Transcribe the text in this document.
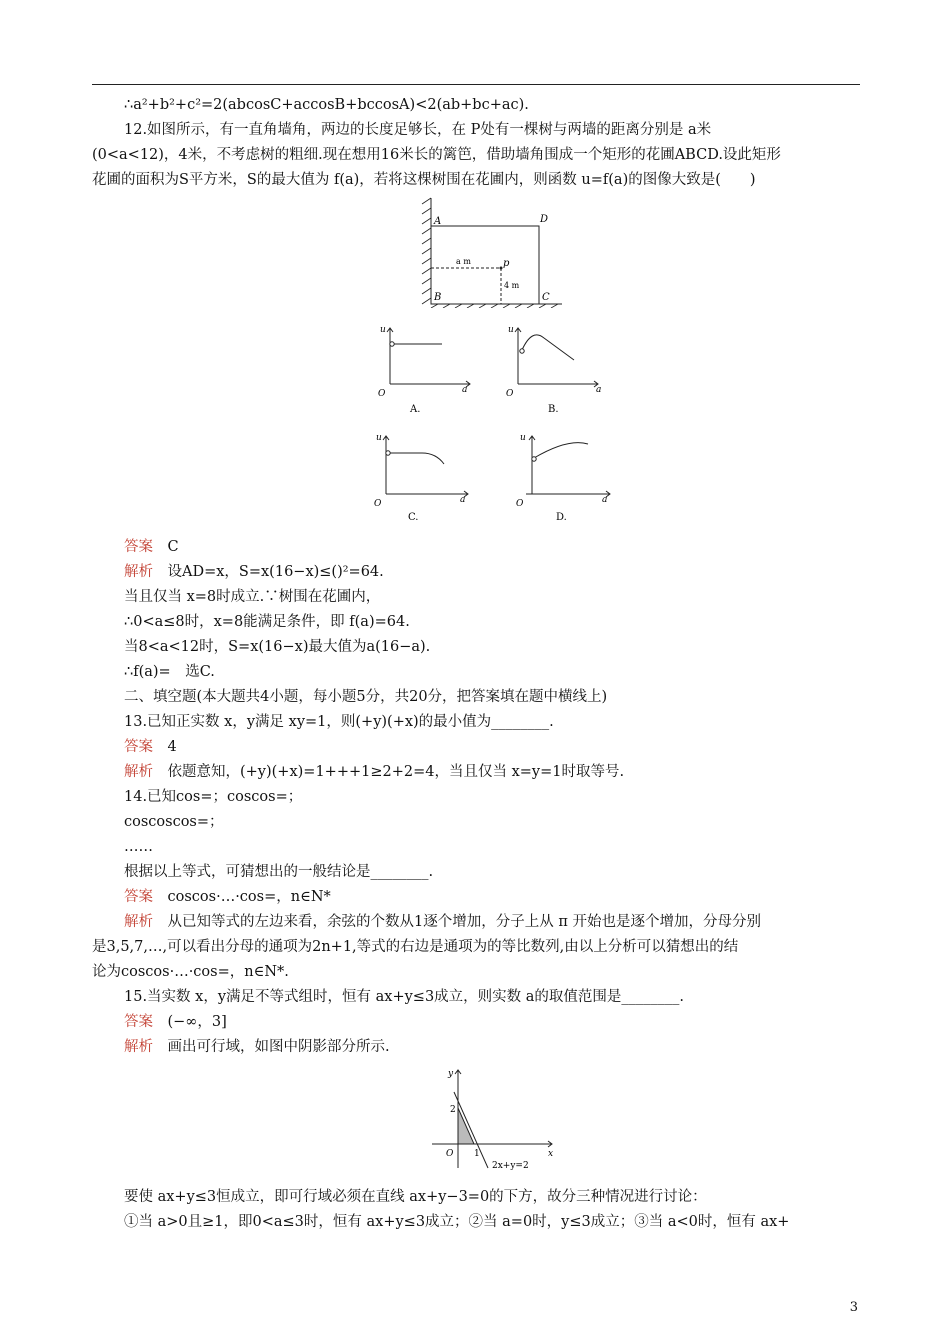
∴a²+b²+c²=2(abcosC+accosB+bccosA)<2(ab+bc+ac).
12.如图所示，有一直角墙角，两边的长度足够长，在 P处有一棵树与两墙的距离分别是 a米
(0<a<12)，4米，不考虑树的粗细.现在想用16米长的篱笆，借助墙角围成一个矩形的花圃ABCD.设此矩形
花圃的面积为S平方米，S的最大值为 f(a)，若将这棵树围在花圃内，则函数 u=f(a)的图像大致是(　　)
A	D
B	C
p
a m
4 m
u
O	a
A.
u
O	a
B.
u
O	a
C.
u
O	a
D.
答案　 C
解析　 设AD=x，S=x(16−x)≤()²=64.
当且仅当 x=8时成立.∵树围在花圃内，
∴0<a≤8时，x=8能满足条件，即 f(a)=64.
当8<a<12时，S=x(16−x)最大值为a(16−a).
∴f(a)=　选C.
二、填空题(本大题共4小题，每小题5分，共20分，把答案填在题中横线上)
13.已知正实数 x，y满足 xy=1，则(+y)(+x)的最小值为________.
答案　 4
解析　 依题意知，(+y)(+x)=1+++1≥2+2=4，当且仅当 x=y=1时取等号.
14.已知cos=；coscos=；
coscoscos=；
……
根据以上等式，可猜想出的一般结论是________.
答案　 coscos·…·cos=，n∈N*
解析　 从已知等式的左边来看，余弦的个数从1逐个增加，分子上从 π 开始也是逐个增加，分母分别
是3,5,7,…,可以看出分母的通项为2n+1,等式的右边是通项为的等比数列,由以上分析可以猜想出的结
论为coscos·…·cos=，n∈N*.
15.当实数 x，y满足不等式组时，恒有 ax+y≤3成立，则实数 a的取值范围是________.
答案　 (−∞，3]
解析　 画出可行域，如图中阴影部分所示.
y
x
O
2
1
2x+y=2
要使 ax+y≤3恒成立，即可行域必须在直线 ax+y−3=0的下方，故分三种情况进行讨论：
①当 a>0且≥1，即0<a≤3时，恒有 ax+y≤3成立；②当 a=0时，y≤3成立；③当 a<0时，恒有 ax+
3
